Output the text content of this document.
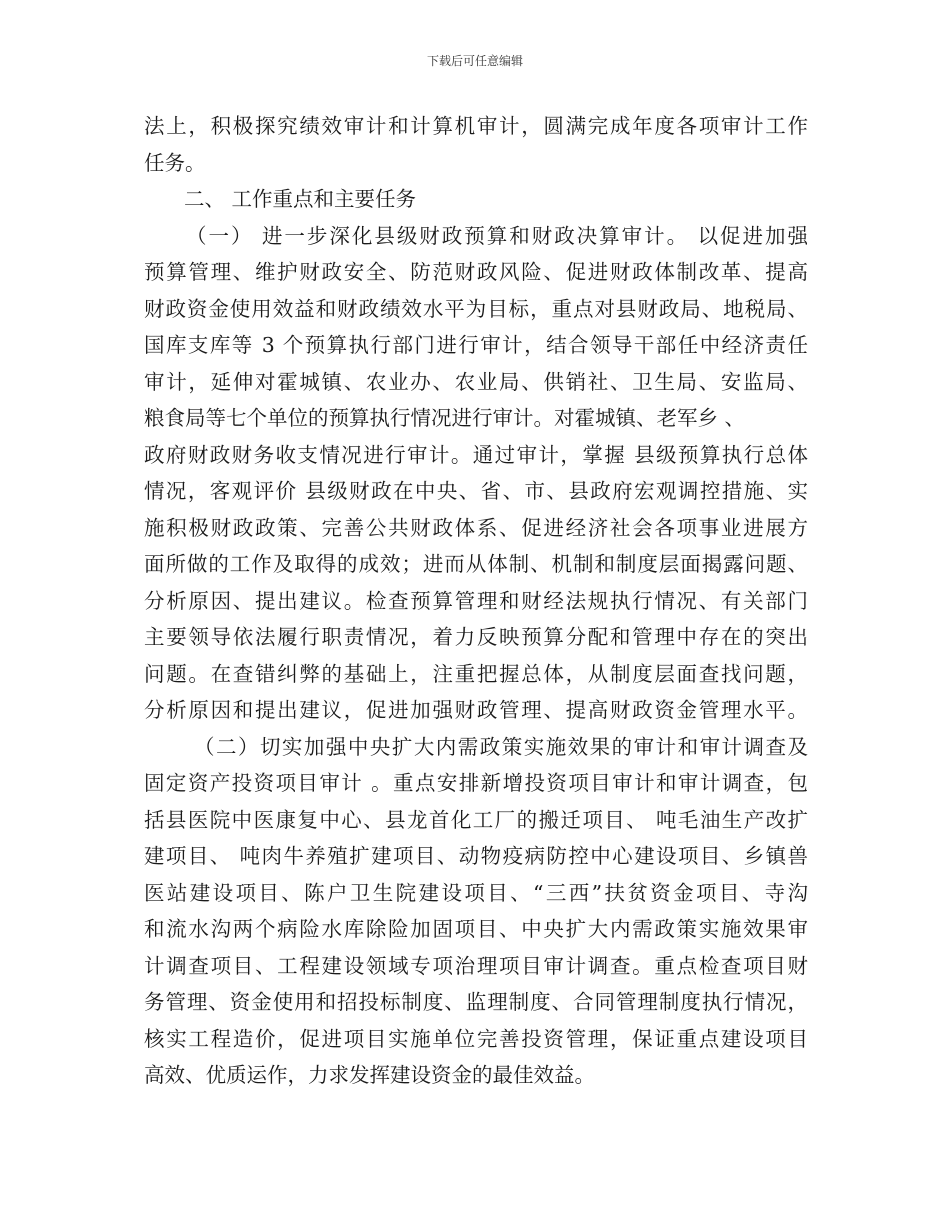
下载后可任意编辑
法上，积极探究绩效审计和计算机审计，圆满完成年度各项审计工作
任务。
二、 工作重点和主要任务
（一） 进一步深化县级财政预算和财政决算审计。 以促进加强
预算管理、维护财政安全、防范财政风险、促进财政体制改革、提高
财政资金使用效益和财政绩效水平为目标，重点对县财政局、地税局、
国库支库等 3 个预算执行部门进行审计，结合领导干部任中经济责任
审计，延伸对霍城镇、农业办、农业局、供销社、卫生局、安监局、
粮食局等七个单位的预算执行情况进行审计。对霍城镇、老军乡 、
政府财政财务收支情况进行审计。通过审计，掌握 县级预算执行总体
情况，客观评价 县级财政在中央、省、市、县政府宏观调控措施、实
施积极财政政策、完善公共财政体系、促进经济社会各项事业进展方
面所做的工作及取得的成效；进而从体制、机制和制度层面揭露问题、
分析原因、提出建议。检查预算管理和财经法规执行情况、有关部门
主要领导依法履行职责情况，着力反映预算分配和管理中存在的突出
问题。在查错纠弊的基础上，注重把握总体，从制度层面查找问题，
分析原因和提出建议，促进加强财政管理、提高财政资金管理水平。
（二）切实加强中央扩大内需政策实施效果的审计和审计调查及
固定资产投资项目审计 。重点安排新增投资项目审计和审计调查，包
括县医院中医康复中心、县龙首化工厂的搬迁项目、 吨毛油生产改扩
建项目、 吨肉牛养殖扩建项目、动物疫病防控中心建设项目、乡镇兽
医站建设项目、陈户卫生院建设项目、“三西”扶贫资金项目、寺沟
和流水沟两个病险水库除险加固项目、中央扩大内需政策实施效果审
计调查项目、工程建设领域专项治理项目审计调查。重点检查项目财
务管理、资金使用和招投标制度、监理制度、合同管理制度执行情况，
核实工程造价，促进项目实施单位完善投资管理，保证重点建设项目
高效、优质运作，力求发挥建设资金的最佳效益。
